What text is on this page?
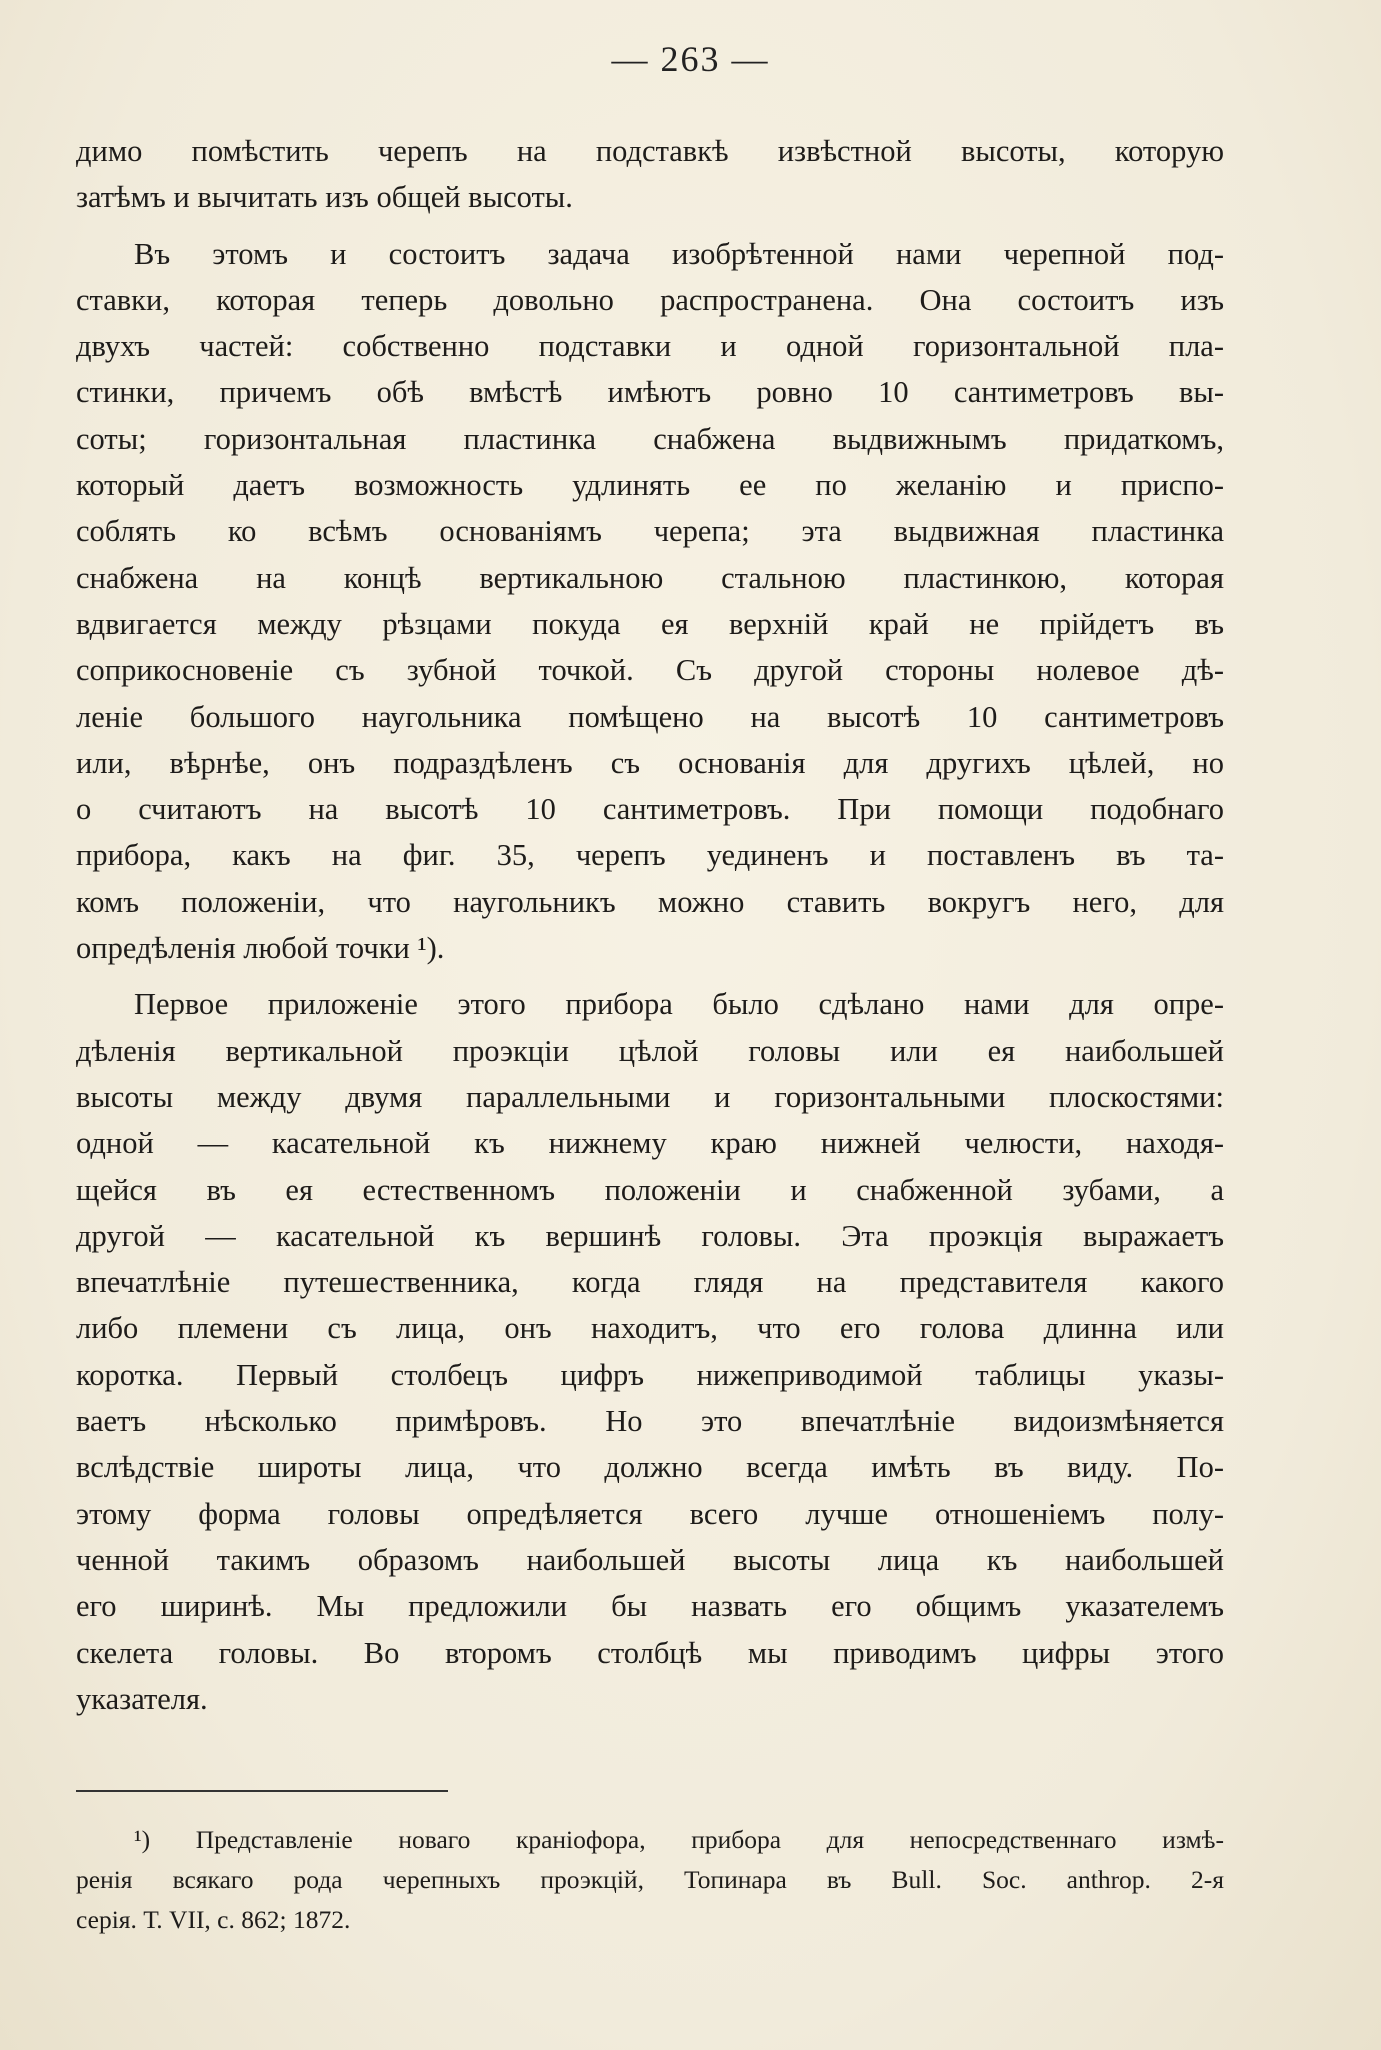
— 263 —
димо помѣстить черепъ на подставкѣ извѣстной высоты, которую
затѣмъ и вычитать изъ общей высоты.
Въ этомъ и состоитъ задача изобрѣтенной нами черепной под-
ставки, которая теперь довольно распространена. Она состоитъ изъ
двухъ частей: собственно подставки и одной горизонтальной пла-
стинки, причемъ обѣ вмѣстѣ имѣютъ ровно 10 сантиметровъ вы-
соты; горизонтальная пластинка снабжена выдвижнымъ придаткомъ,
который даетъ возможность удлинять ее по желанію и приспо-
соблять ко всѣмъ основаніямъ черепа; эта выдвижная пластинка
снабжена на концѣ вертикальною стальною пластинкою, которая
вдвигается между рѣзцами покуда ея верхній край не прійдетъ въ
соприкосновеніе съ зубной точкой. Съ другой стороны нолевое дѣ-
леніе большого наугольника помѣщено на высотѣ 10 сантиметровъ
или, вѣрнѣе, онъ подраздѣленъ съ основанія для другихъ цѣлей, но
о считаютъ на высотѣ 10 сантиметровъ. При помощи подобнаго
прибора, какъ на фиг. 35, черепъ уединенъ и поставленъ въ та-
комъ положеніи, что наугольникъ можно ставить вокругъ него, для
опредѣленія любой точки ¹).
Первое приложеніе этого прибора было сдѣлано нами для опре-
дѣленія вертикальной проэкціи цѣлой головы или ея наибольшей
высоты между двумя параллельными и горизонтальными плоскостями:
одной — касательной къ нижнему краю нижней челюсти, находя-
щейся въ ея естественномъ положеніи и снабженной зубами, а
другой — касательной къ вершинѣ головы. Эта проэкція выражаетъ
впечатлѣніе путешественника, когда глядя на представителя какого
либо племени съ лица, онъ находитъ, что его голова длинна или
коротка. Первый столбецъ цифръ нижеприводимой таблицы указы-
ваетъ нѣсколько примѣровъ. Но это впечатлѣніе видоизмѣняется
вслѣдствіе широты лица, что должно всегда имѣть въ виду. По-
этому форма головы опредѣляется всего лучше отношеніемъ полу-
ченной такимъ образомъ наибольшей высоты лица къ наибольшей
его ширинѣ. Мы предложили бы назвать его общимъ указателемъ
скелета головы. Во второмъ столбцѣ мы приводимъ цифры этого
указателя.
¹) Представленіе новаго краніофора, прибора для непосредственнаго измѣ-
ренія всякаго рода черепныхъ проэкцій, Топинара въ Bull. Soc. anthrop. 2-я
серія. Т. VII, с. 862; 1872.
